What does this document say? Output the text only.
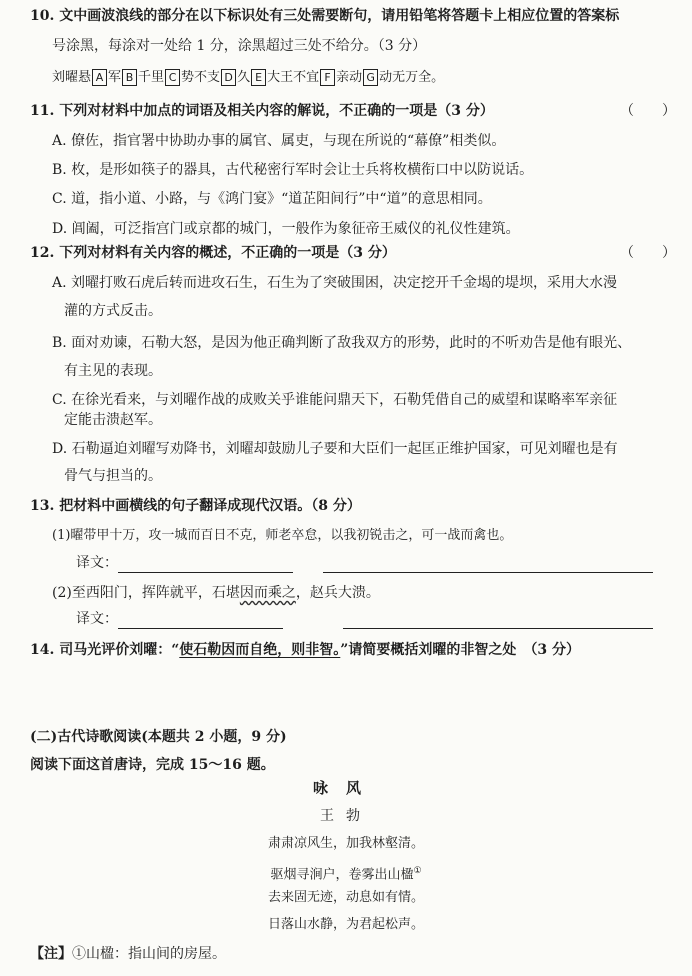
10. 文中画波浪线的部分在以下标识处有三处需要断句，请用铅笔将答题卡上相应位置的答案标
号涂黑，每涂对一处给 1 分，涂黑超过三处不给分。（3 分）
刘曜悬 A 军 B 千里 C 势不支 D 久 E 大王不宜 F 亲动 G 动无万全。
11. 下列对材料中加点的词语及相关内容的解说，不正确的一项是（3 分）	（　　）
A. 僚佐，指官署中协助办事的属官、属吏，与现在所说的“幕僚”相类似。
B. 枚，是形如筷子的器具，古代秘密行军时会让士兵将枚横衔口中以防说话。
C. 道，指小道、小路，与《鸿门宴》“道芷阳间行”中“道”的意思相同。
D. 阊阖，可泛指宫门或京都的城门，一般作为象征帝王威仪的礼仪性建筑。
12. 下列对材料有关内容的概述，不正确的一项是（3 分）	（　　）
A. 刘曜打败石虎后转而进攻石生，石生为了突破围困，决定挖开千金堨的堤坝，采用大水漫
灌的方式反击。
B. 面对劝谏，石勒大怒，是因为他正确判断了敌我双方的形势，此时的不听劝告是他有眼光、
有主见的表现。
C. 在徐光看来，与刘曜作战的成败关乎谁能问鼎天下，石勒凭借自己的威望和谋略率军亲征
定能击溃赵军。
D. 石勒逼迫刘曜写劝降书，刘曜却鼓励儿子要和大臣们一起匡正维护国家，可见刘曜也是有
骨气与担当的。
13. 把材料中画横线的句子翻译成现代汉语。（8 分）
(1)曜带甲十万，攻一城而百日不克，师老卒怠，以我初锐击之，可一战而禽也。
译文：
(2)至西阳门，挥阵就平，石堪因而乘之，赵兵大溃。
译文：
14. 司马光评价刘曜：“使石勒因而自绝，则非智。”请简要概括刘曜的非智之处　（3 分）
(二)古代诗歌阅读(本题共 2 小题，9 分)
阅读下面这首唐诗，完成 15～16 题。
咏风
王勃
肃肃凉风生，加我林壑清。
驱烟寻涧户，卷雾出山楹①
去来固无迹，动息如有情。
日落山水静，为君起松声。
【注】①山楹：指山间的房屋。
